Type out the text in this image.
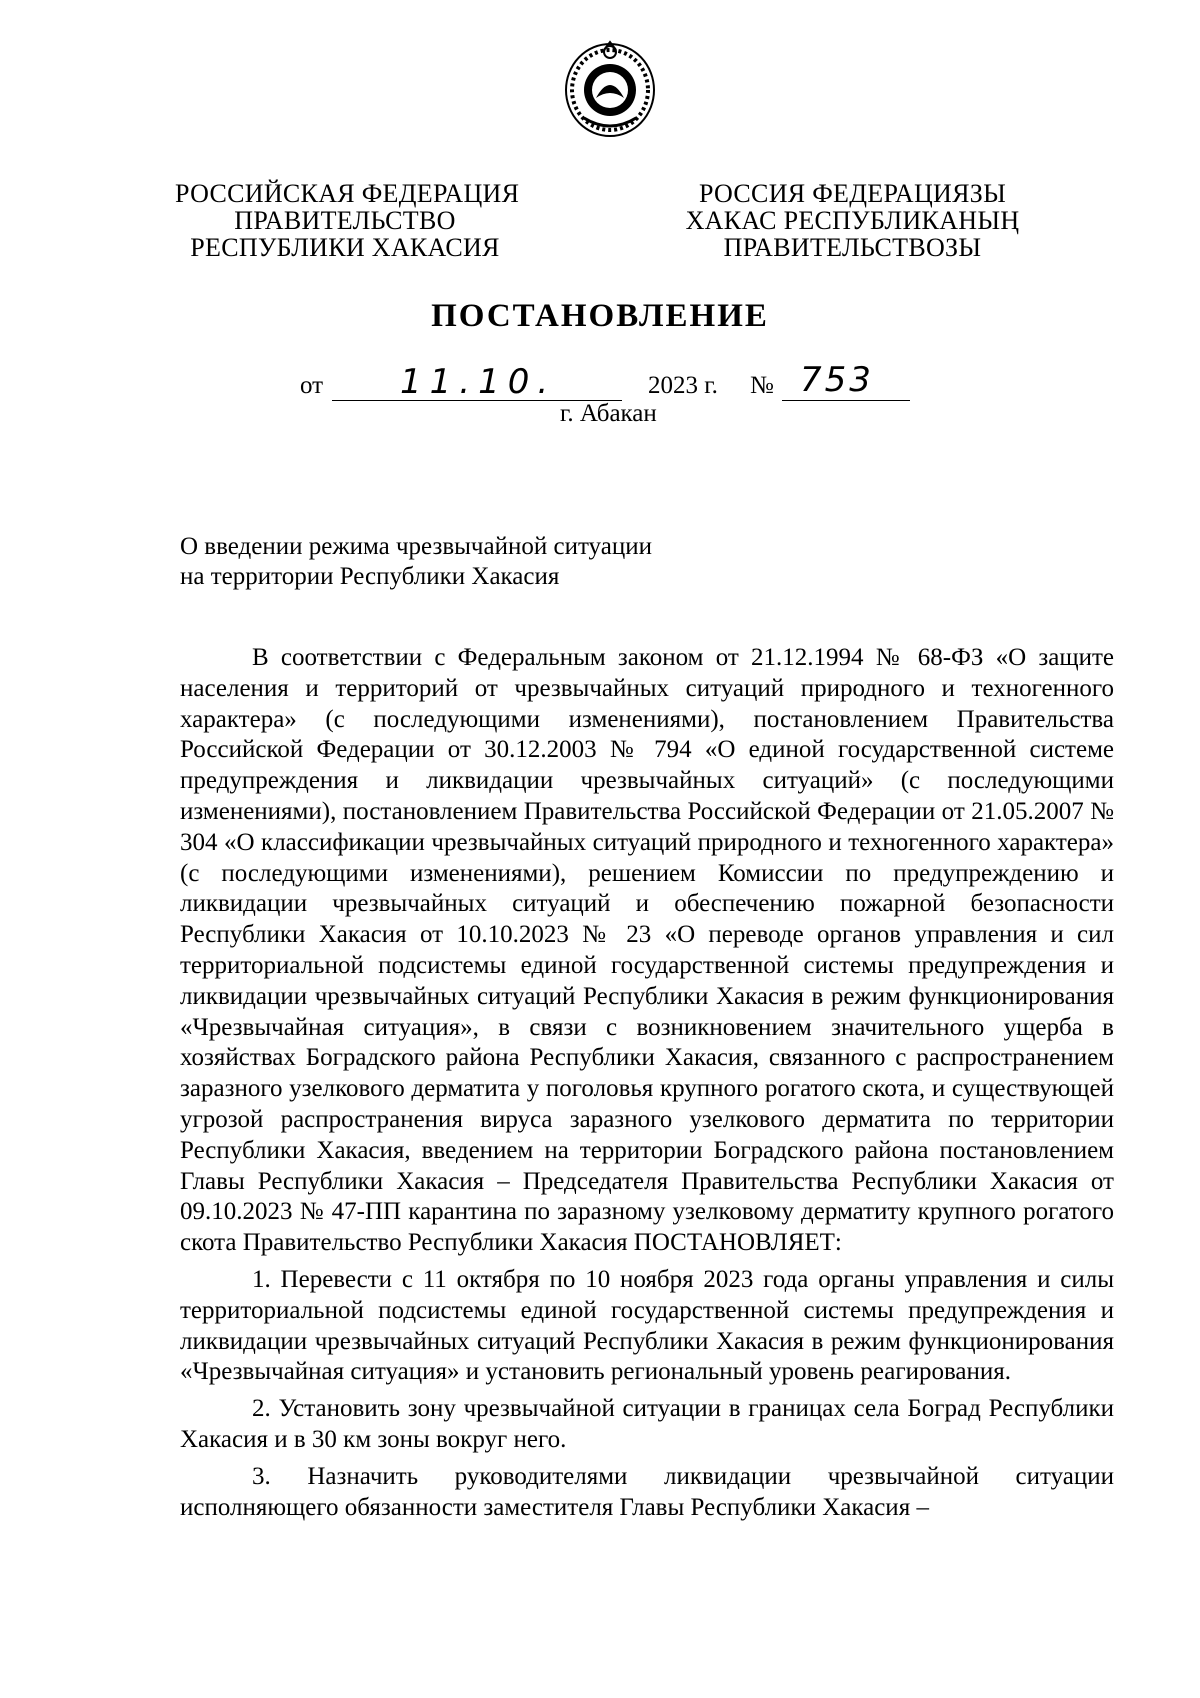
РОССИЙСКАЯ ФЕДЕРАЦИЯ
ПРАВИТЕЛЬСТВО
РЕСПУБЛИКИ ХАКАСИЯ
РОССИЯ ФЕДЕРАЦИЯЗЫ
ХАКАС РЕСПУБЛИКАНЫҢ
ПРАВИТЕЛЬСТВОЗЫ
ПОСТАНОВЛЕНИЕ
от 11.10.	2023 г. № 753
г. Абакан
О введении режима чрезвычайной ситуации
на территории Республики Хакасия

В соответствии с Федеральным законом от 21.12.1994 № 68-ФЗ «О защите населения и территорий от чрезвычайных ситуаций природного и техногенного характера» (с последующими изменениями), постановлением Правительства Российской Федерации от 30.12.2003 № 794 «О единой государственной системе предупреждения и ликвидации чрезвычайных ситуаций» (с последующими изменениями), постановлением Правительства Российской Федерации от 21.05.2007 № 304 «О классификации чрезвычайных ситуаций природного и техногенного характера» (с последующими изменениями), решением Комиссии по предупреждению и ликвидации чрезвычайных ситуаций и обеспечению пожарной безопасности Республики Хакасия от 10.10.2023 № 23 «О переводе органов управления и сил территориальной подсистемы единой государственной системы предупреждения и ликвидации чрезвычайных ситуаций Республики Хакасия в режим функционирования «Чрезвычайная ситуация», в связи с возникновением значительного ущерба в хозяйствах Боградского района Республики Хакасия, связанного с распространением заразного узелкового дерматита у поголовья крупного рогатого скота, и существующей угрозой распространения вируса заразного узелкового дерматита по территории Республики Хакасия, введением на территории Боградского района постановлением Главы Республики Хакасия – Председателя Правительства Республики Хакасия от 09.10.2023 № 47-ПП карантина по заразному узелковому дерматиту крупного рогатого скота Правительство Республики Хакасия ПОСТАНОВЛЯЕТ:

1. Перевести с 11 октября по 10 ноября 2023 года органы управления и силы территориальной подсистемы единой государственной системы предупреждения и ликвидации чрезвычайных ситуаций Республики Хакасия в режим функционирования «Чрезвычайная ситуация» и установить региональный уровень реагирования.

2. Установить зону чрезвычайной ситуации в границах села Боград Республики Хакасия и в 30 км зоны вокруг него.

3. Назначить руководителями ликвидации чрезвычайной ситуации исполняющего обязанности заместителя Главы Республики Хакасия –
